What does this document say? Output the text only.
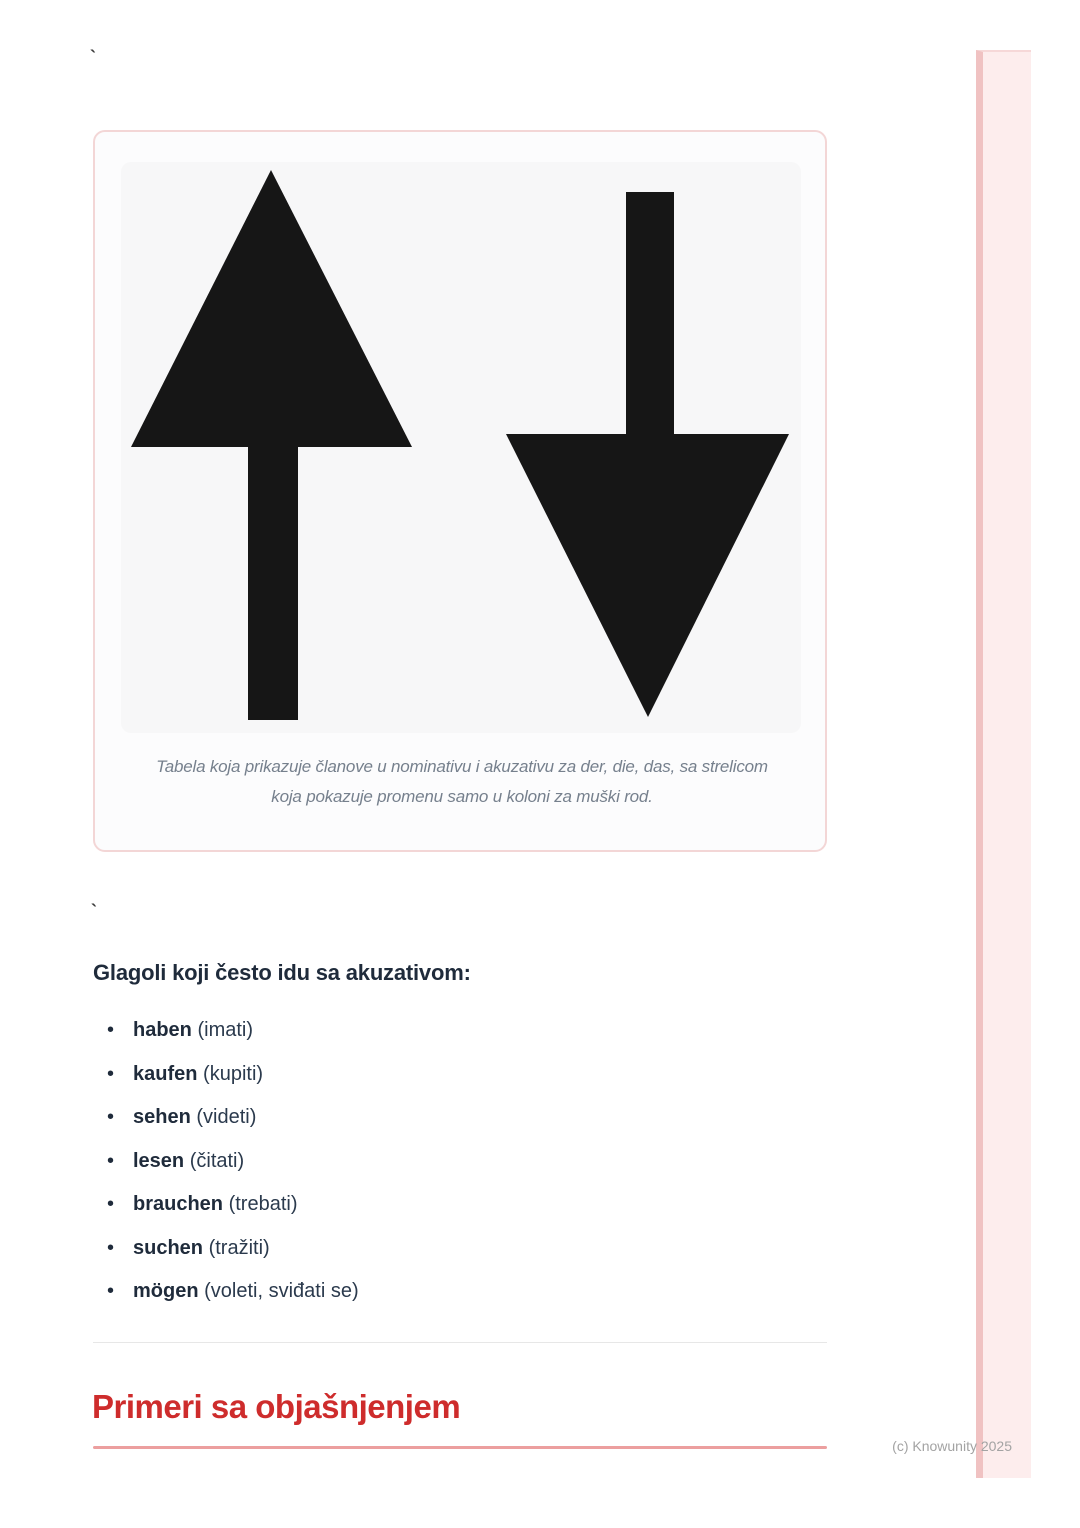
`
Tabela koja prikazuje članove u nominativu i akuzativu za der, die, das, sa strelicom
koja pokazuje promenu samo u koloni za muški rod.
`
Glagoli koji često idu sa akuzativom:
• haben (imati)
• kaufen (kupiti)
• sehen (videti)
• lesen (čitati)
• brauchen (trebati)
• suchen (tražiti)
• mögen (voleti, sviđati se)
Primeri sa objašnjenjem
(c) Knowunity 2025
